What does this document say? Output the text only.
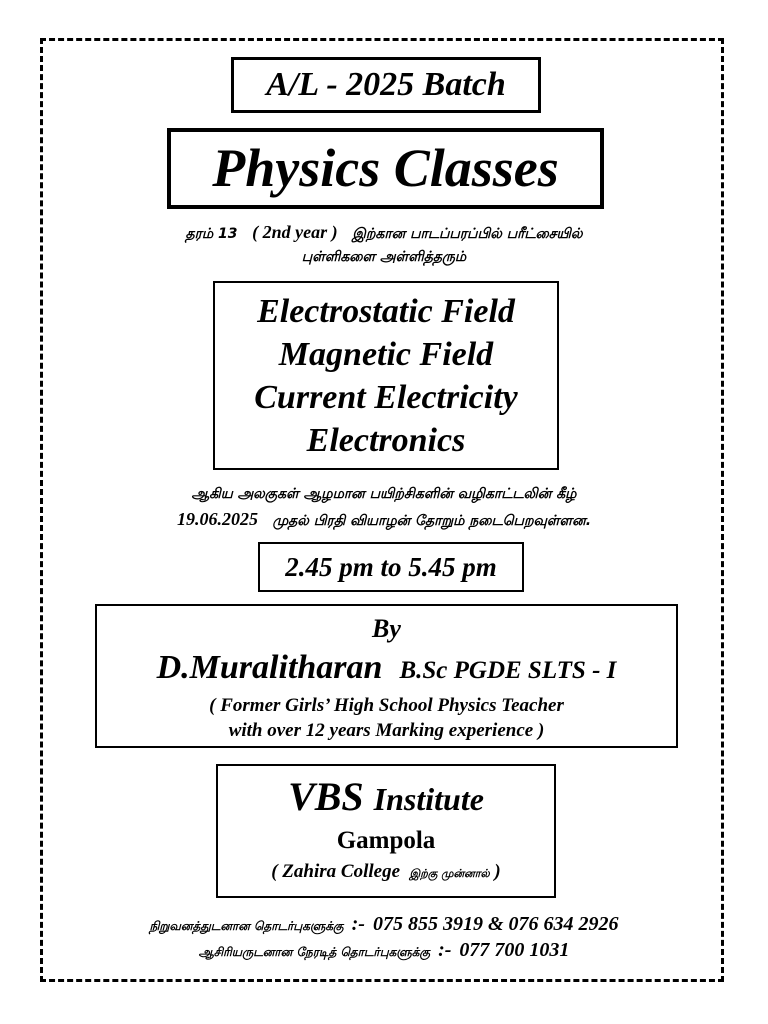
A/L - 2025 Batch
Physics Classes
தரம் 13 ( 2nd year ) இற்கான பாடப்பரப்பில் பரீட்சையில்
புள்ளிகளை அள்ளித்தரும்
Electrostatic Field
Magnetic Field
Current Electricity
Electronics
ஆகிய அலகுகள் ஆழமான பயிற்சிகளின் வழிகாட்டலின் கீழ்
19.06.2025 முதல் பிரதி வியாழன் தோறும் நடைபெறவுள்ளன.
2.45 pm to 5.45 pm
By
D.Muralitharan B.Sc PGDE SLTS - I
( Former Girls’ High School Physics Teacher
with over 12 years Marking experience )
VBS Institute
Gampola
( Zahira College இற்கு முன்னால் )
நிறுவனத்துடனான தொடர்புகளுக்கு :- 075 855 3919 & 076 634 2926
ஆசிரியருடனான நேரடித் தொடர்புகளுக்கு :- 077 700 1031
